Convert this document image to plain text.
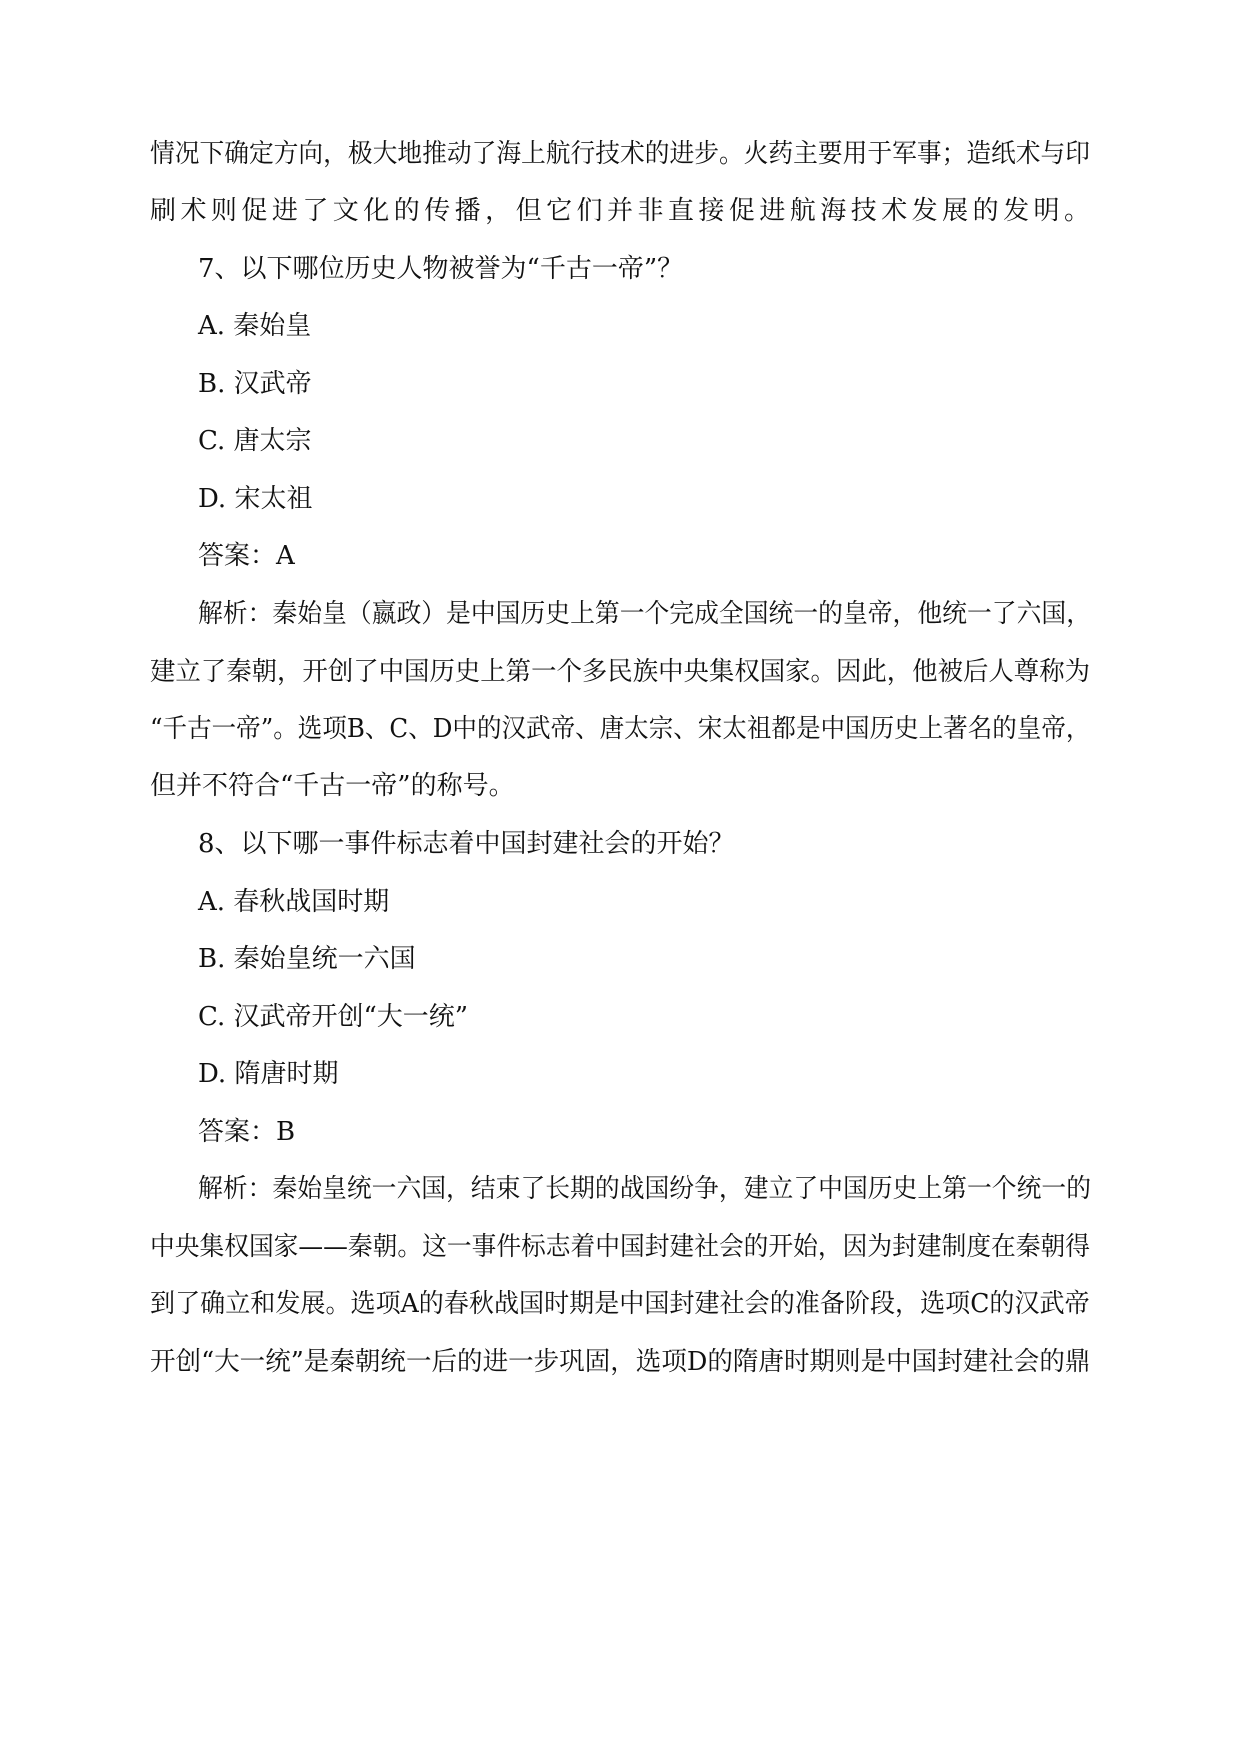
情况下确定方向，极大地推动了海上航行技术的进步。火药主要用于军事；造纸术与印
刷术则促进了文化的传播，但它们并非直接促进航海技术发展的发明。
7、以下哪位历史人物被誉为“千古一帝”？
A. 秦始皇
B. 汉武帝
C. 唐太宗
D. 宋太祖
答案：A
解析：秦始皇（嬴政）是中国历史上第一个完成全国统一的皇帝，他统一了六国，
建立了秦朝，开创了中国历史上第一个多民族中央集权国家。因此，他被后人尊称为
“千古一帝”。选项B、C、D中的汉武帝、唐太宗、宋太祖都是中国历史上著名的皇帝，
但并不符合“千古一帝”的称号。
8、以下哪一事件标志着中国封建社会的开始？
A. 春秋战国时期
B. 秦始皇统一六国
C. 汉武帝开创“大一统”
D. 隋唐时期
答案：B
解析：秦始皇统一六国，结束了长期的战国纷争，建立了中国历史上第一个统一的
中央集权国家——秦朝。这一事件标志着中国封建社会的开始，因为封建制度在秦朝得
到了确立和发展。选项A的春秋战国时期是中国封建社会的准备阶段，选项C的汉武帝
开创“大一统”是秦朝统一后的进一步巩固，选项D的隋唐时期则是中国封建社会的鼎
